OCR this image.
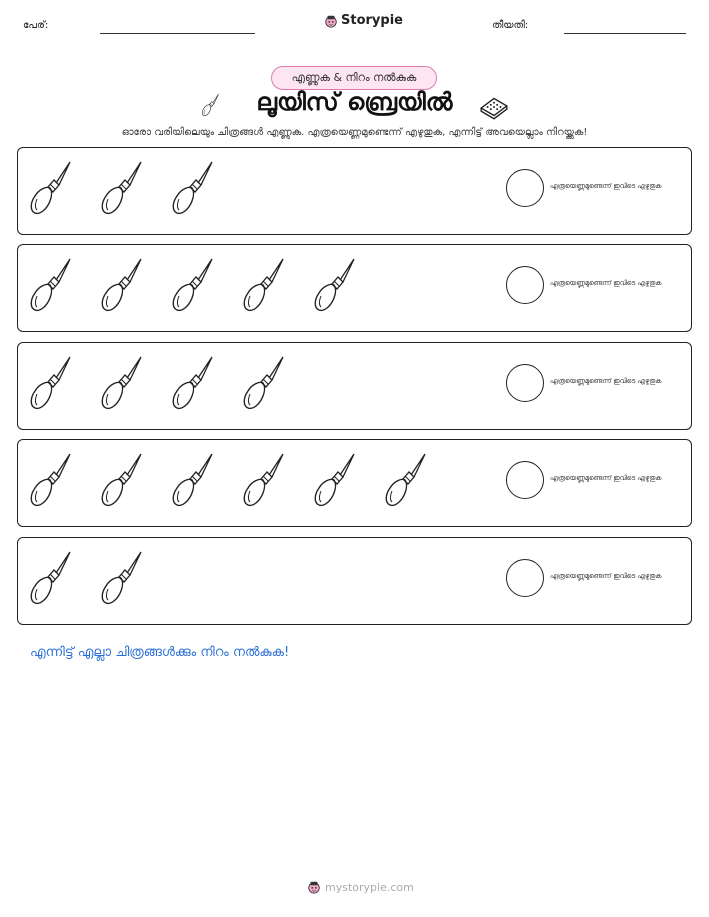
പേര്:	Storypie	തീയതി:
എണ്ണുക & നിറം നൽകുക
ലൂയിസ് ബ്രെയിൽ
ഓരോ വരിയിലെയും ചിത്രങ്ങൾ എണ്ണുക. എത്രയെണ്ണമുണ്ടെന്ന് എഴുതുക, എന്നിട്ട് അവയെല്ലാം നിറയ്ക്കുക!
എത്രയെണ്ണമുണ്ടെന്ന് ഇവിടെ എഴുതുക
എത്രയെണ്ണമുണ്ടെന്ന് ഇവിടെ എഴുതുക
എത്രയെണ്ണമുണ്ടെന്ന് ഇവിടെ എഴുതുക
എത്രയെണ്ണമുണ്ടെന്ന് ഇവിടെ എഴുതുക
എത്രയെണ്ണമുണ്ടെന്ന് ഇവിടെ എഴുതുക
എന്നിട്ട് എല്ലാ ചിത്രങ്ങൾക്കും നിറം നൽകുക!
mystorypie.com
